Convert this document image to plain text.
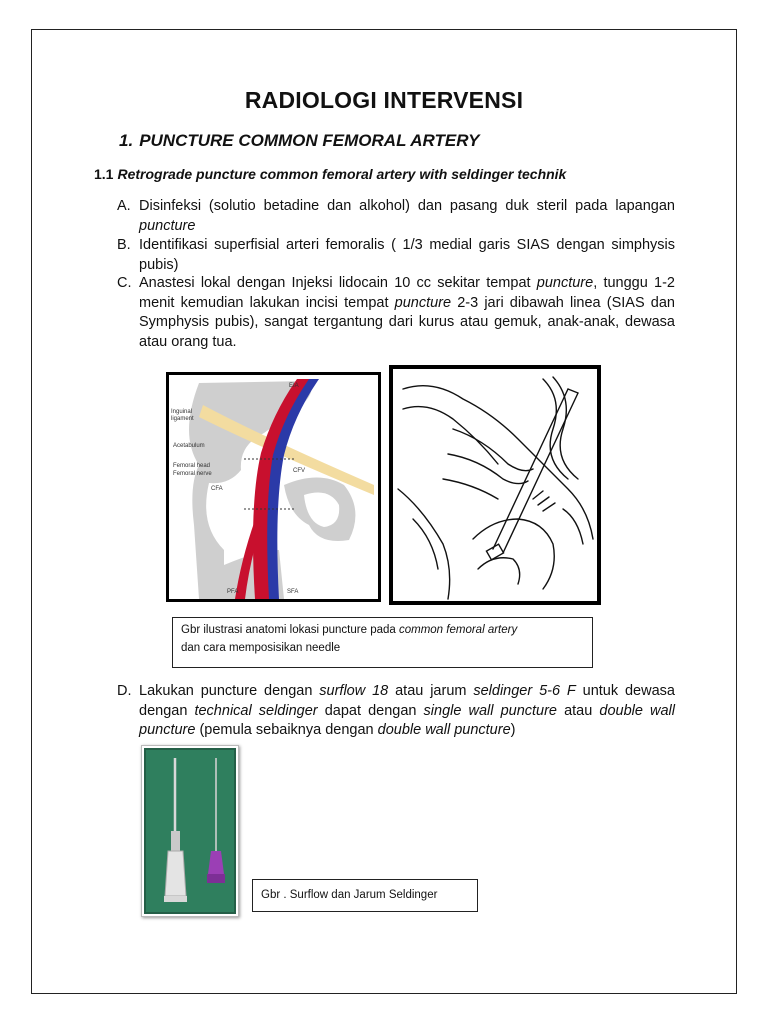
RADIOLOGI INTERVENSI
1. PUNCTURE COMMON FEMORAL ARTERY
1.1 Retrograde puncture common femoral artery with seldinger technik
A. Disinfeksi (solutio betadine dan alkohol) dan pasang duk steril pada lapangan puncture
B. Identifikasi superfisial arteri femoralis ( 1/3 medial garis SIAS dengan simphysis pubis)
C. Anastesi lokal dengan Injeksi lidocain 10 cc sekitar tempat puncture, tunggu 1-2 menit kemudian lakukan incisi tempat puncture 2-3 jari dibawah linea (SIAS dan Symphysis pubis), sangat tergantung dari kurus atau gemuk, anak-anak, dewasa atau orang tua.
EIA
Inguinal
ligament
Acetabulum
Femoral head
Femoral nerve
CFA
CFV
PFA	SFA
Gbr ilustrasi anatomi lokasi puncture pada common femoral artery
dan cara memposisikan needle
D. Lakukan puncture dengan surflow 18 atau jarum seldinger 5-6 F untuk dewasa dengan technical seldinger dapat dengan single wall puncture atau double wall puncture (pemula sebaiknya dengan double wall puncture)
Gbr . Surflow dan Jarum Seldinger
